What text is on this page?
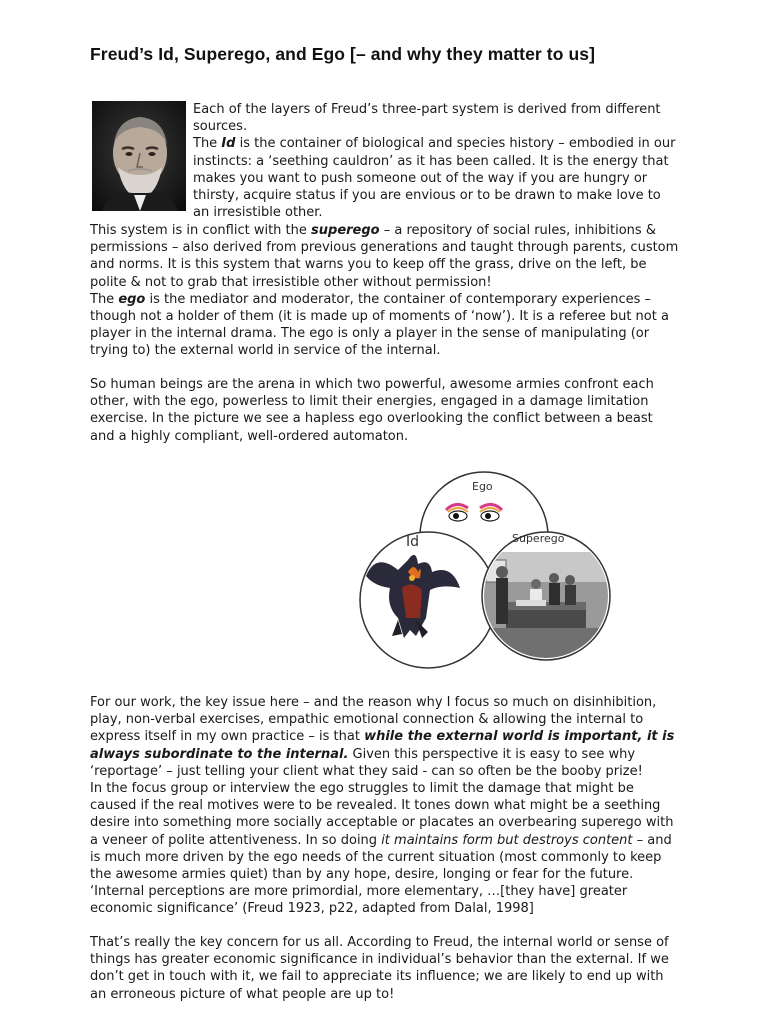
Freud’s Id, Superego, and Ego [– and why they matter to us]

Each of the layers of Freud’s three-part system is derived from different sources.

The Id is the container of biological and species history – embodied in our instincts: a ‘seething cauldron’ as it has been called. It is the energy that makes you want to push someone out of the way if you are hungry or thirsty, acquire status if you are envious or to be drawn to make love to an irresistible other.

This system is in conflict with the superego – a repository of social rules, inhibitions & permissions – also derived from previous generations and taught through parents, custom and norms. It is this system that warns you to keep off the grass, drive on the left, be polite & not to grab that irresistible other without permission!

The ego is the mediator and moderator, the container of contemporary experiences – though not a holder of them (it is made up of moments of ‘now’). It is a referee but not a player in the internal drama. The ego is only a player in the sense of manipulating (or trying to) the external world in service of the internal.

So human beings are the arena in which two powerful, awesome armies confront each other, with the ego, powerless to limit their energies, engaged in a damage limitation exercise. In the picture we see a hapless ego overlooking the conflict between a beast and a highly compliant, well-ordered automaton.

Ego
Id	Superego

For our work, the key issue here – and the reason why I focus so much on disinhibition, play, non-verbal exercises, empathic emotional connection & allowing the internal to express itself in my own practice – is that while the external world is important, it is always subordinate to the internal. Given this perspective it is easy to see why ‘reportage’ – just telling your client what they said - can so often be the booby prize!

In the focus group or interview the ego struggles to limit the damage that might be caused if the real motives were to be revealed. It tones down what might be a seething desire into something more socially acceptable or placates an overbearing superego with a veneer of polite attentiveness. In so doing it maintains form but destroys content – and is much more driven by the ego needs of the current situation (most commonly to keep the awesome armies quiet) than by any hope, desire, longing or fear for the future.

‘Internal perceptions are more primordial, more elementary, …[they have] greater economic significance’ (Freud 1923, p22, adapted from Dalal, 1998]

That’s really the key concern for us all. According to Freud, the internal world or sense of things has greater economic significance in individual’s behavior than the external. If we don’t get in touch with it, we fail to appreciate its influence; we are likely to end up with an erroneous picture of what people are up to!
